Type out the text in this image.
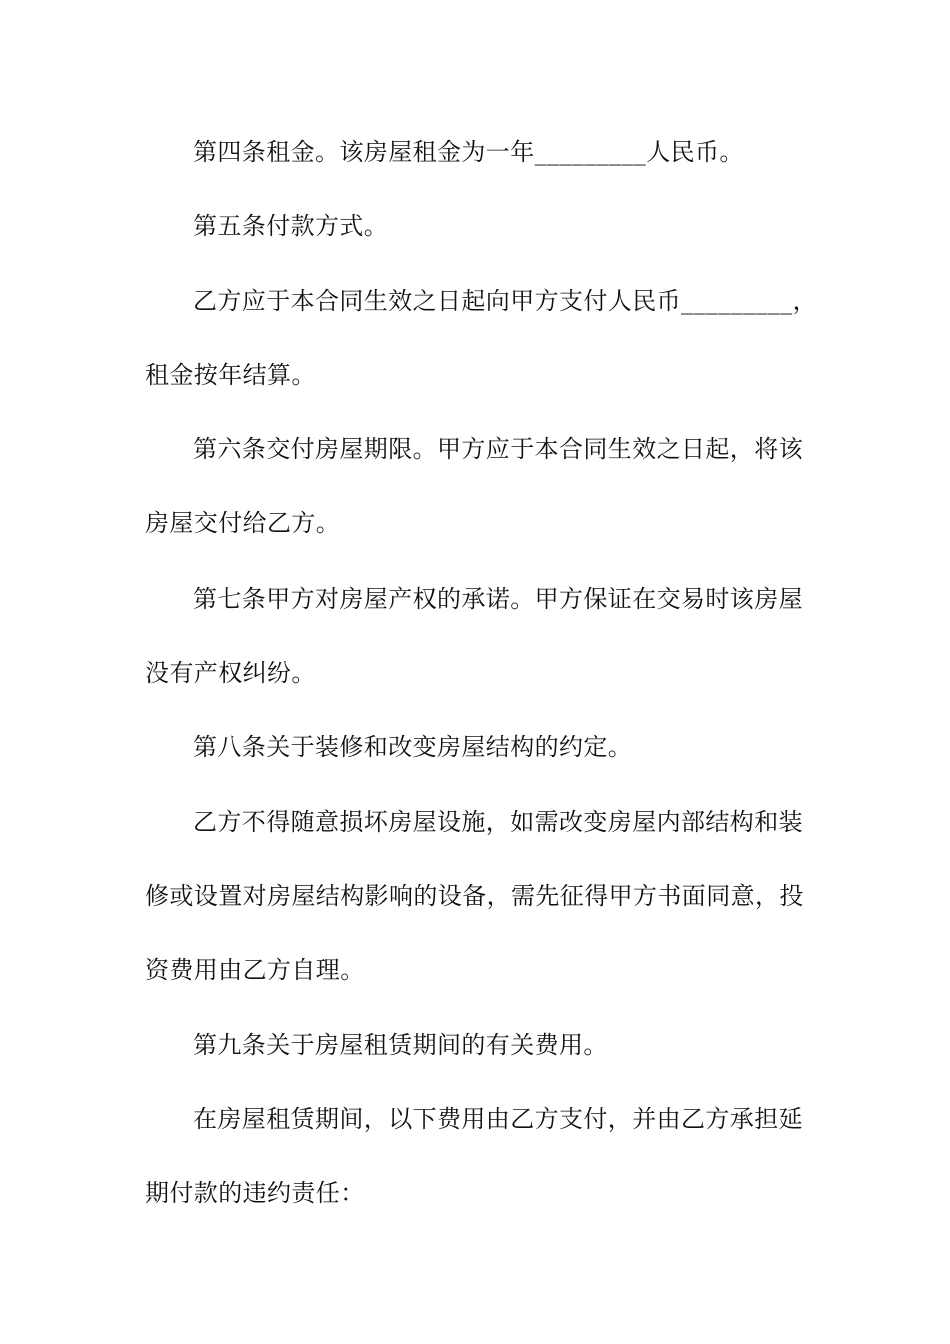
第四条租金。该房屋租金为一年_________人民币。
第五条付款方式。
乙方应于本合同生效之日起向甲方支付人民币_________，
租金按年结算。
第六条交付房屋期限。甲方应于本合同生效之日起，将该
房屋交付给乙方。
第七条甲方对房屋产权的承诺。甲方保证在交易时该房屋
没有产权纠纷。
第八条关于装修和改变房屋结构的约定。
乙方不得随意损坏房屋设施，如需改变房屋内部结构和装
修或设置对房屋结构影响的设备，需先征得甲方书面同意，投
资费用由乙方自理。
第九条关于房屋租赁期间的有关费用。
在房屋租赁期间，以下费用由乙方支付，并由乙方承担延
期付款的违约责任：
